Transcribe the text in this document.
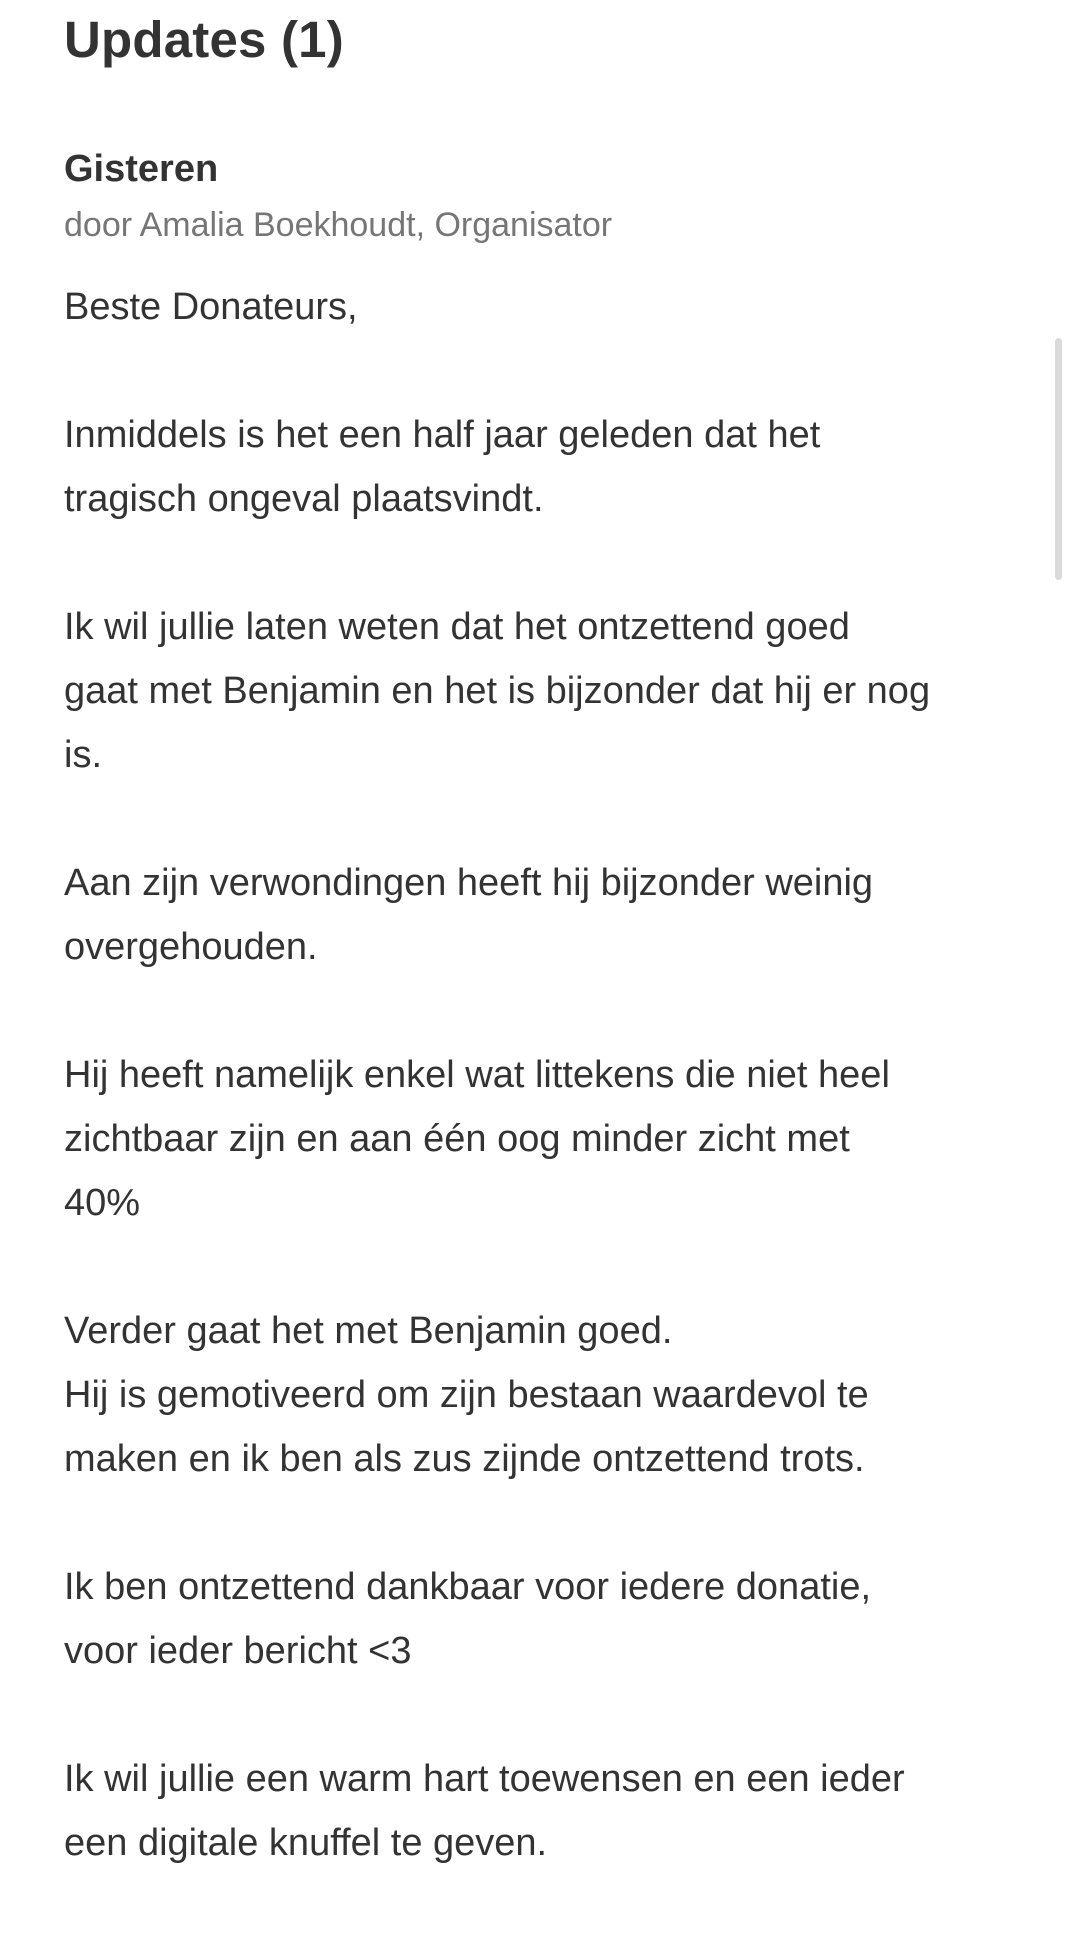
Updates (1)
Gisteren
door Amalia Boekhoudt, Organisator

Beste Donateurs,

Inmiddels is het een half jaar geleden dat het
tragisch ongeval plaatsvindt.

Ik wil jullie laten weten dat het ontzettend goed
gaat met Benjamin en het is bijzonder dat hij er nog
is.

Aan zijn verwondingen heeft hij bijzonder weinig
overgehouden.

Hij heeft namelijk enkel wat littekens die niet heel
zichtbaar zijn en aan één oog minder zicht met
40%

Verder gaat het met Benjamin goed.
Hij is gemotiveerd om zijn bestaan waardevol te
maken en ik ben als zus zijnde ontzettend trots.

Ik ben ontzettend dankbaar voor iedere donatie,
voor ieder bericht <3

Ik wil jullie een warm hart toewensen en een ieder
een digitale knuffel te geven.
